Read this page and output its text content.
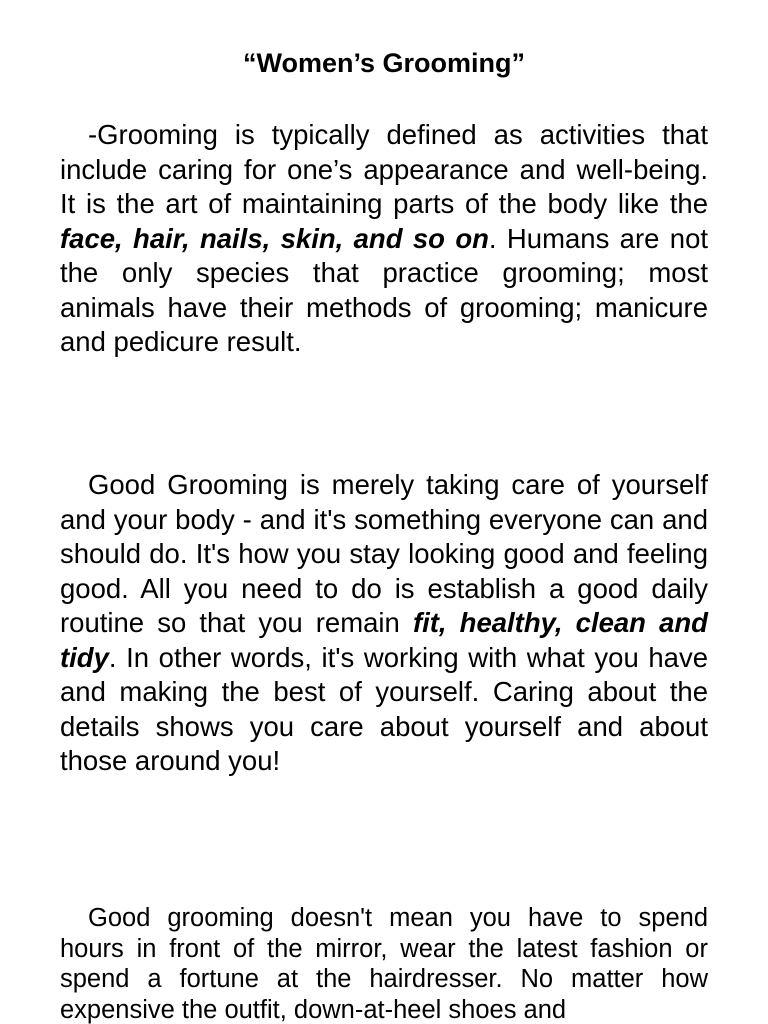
“Women’s Grooming”

-Grooming is typically defined as activities that include caring for one’s appearance and well-being. It is the art of maintaining parts of the body like the face, hair, nails, skin, and so on. Humans are not the only species that practice grooming; most animals have their methods of grooming; manicure and pedicure result.

Good Grooming is merely taking care of yourself and your body - and it's something everyone can and should do. It's how you stay looking good and feeling good. All you need to do is establish a good daily routine so that you remain fit, healthy, clean and tidy. In other words, it's working with what you have and making the best of yourself. Caring about the details shows you care about yourself and about those around you!

Good grooming doesn't mean you have to spend hours in front of the mirror, wear the latest fashion or spend a fortune at the hairdresser. No matter how expensive the outfit, down-at-heel shoes and
